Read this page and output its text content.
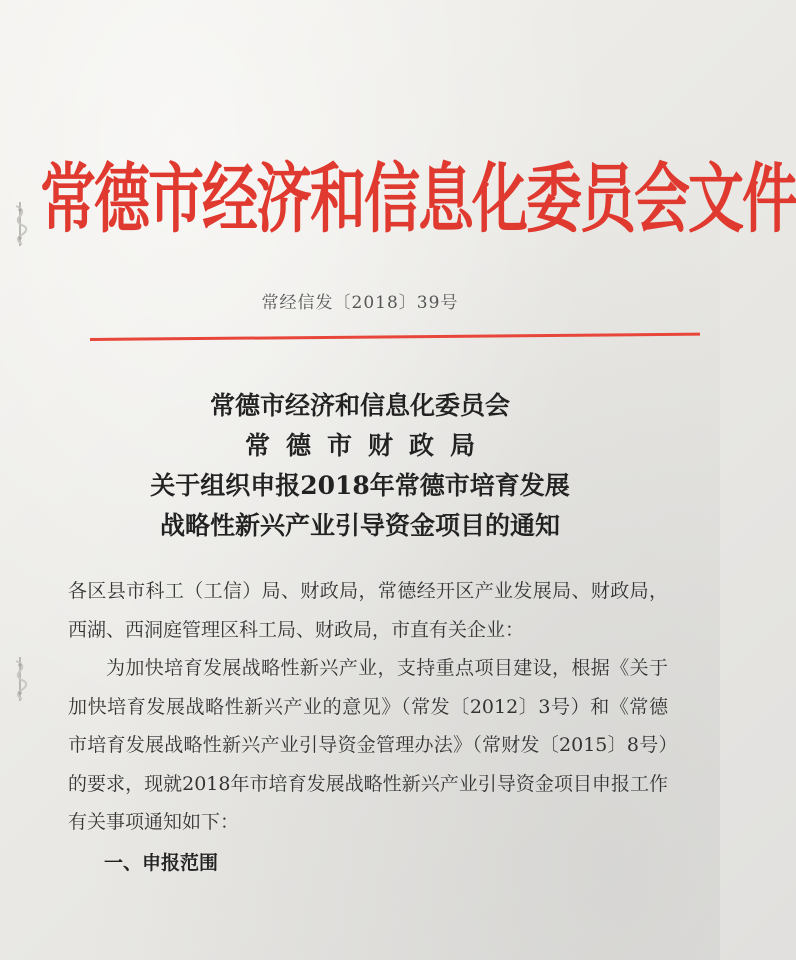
常德市经济和信息化委员会文件
常经信发〔2018〕39号
常德市经济和信息化委员会
常德市财政局
关于组织申报2018年常德市培育发展
战略性新兴产业引导资金项目的通知

各区县市科工（工信）局、财政局，常德经开区产业发展局、财政局，西湖、西洞庭管理区科工局、财政局，市直有关企业：

为加快培育发展战略性新兴产业，支持重点项目建设，根据《关于加快培育发展战略性新兴产业的意见》（常发〔2012〕3号）和《常德市培育发展战略性新兴产业引导资金管理办法》（常财发〔2015〕8号）的要求，现就2018年市培育发展战略性新兴产业引导资金项目申报工作有关事项通知如下：

一、申报范围
